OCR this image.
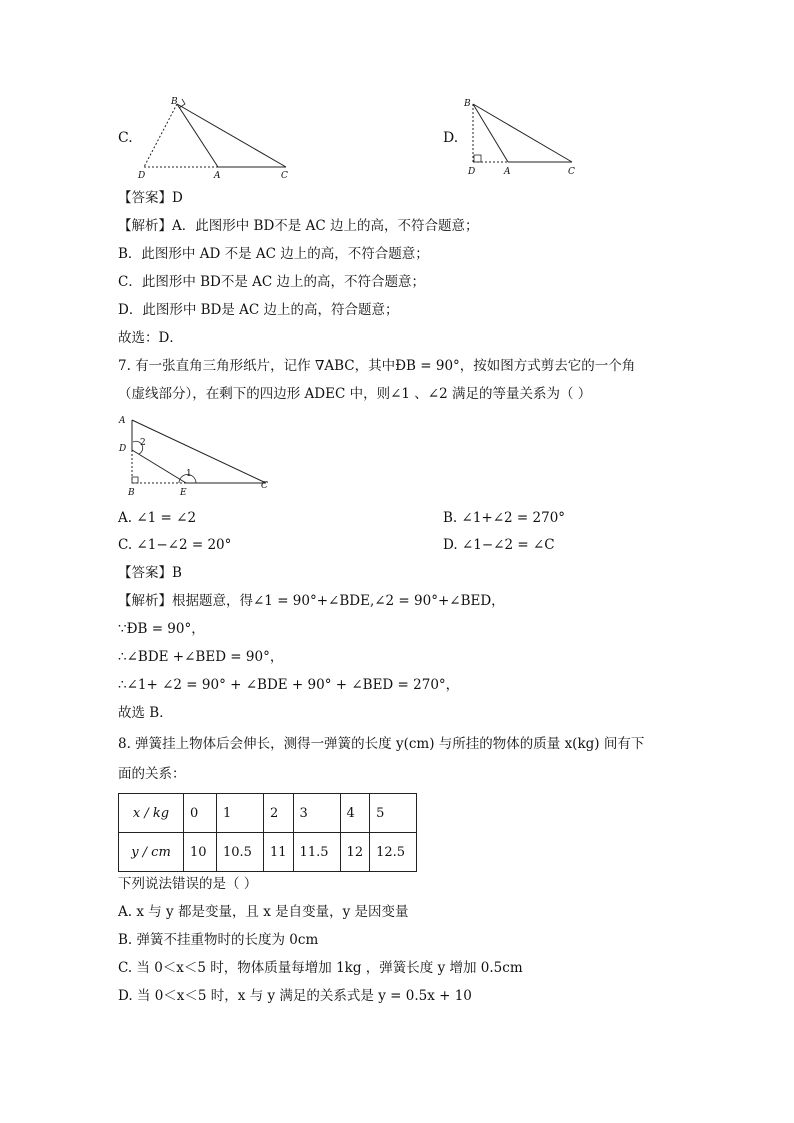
C.
B
D	A	C
D.
B
D	A	C
【答案】D
【解析】A．此图形中 BD不是 AC 边上的高，不符合题意；
B．此图形中 AD 不是 AC 边上的高，不符合题意；
C．此图形中 BD不是 AC 边上的高，不符合题意；
D．此图形中 BD是 AC 边上的高，符合题意；
故选：D．
7. 有一张直角三角形纸片，记作 ∇ABC，其中ÐB = 90°，按如图方式剪去它的一个角
（虚线部分），在剩下的四边形 ADEC 中，则∠1 、∠2 满足的等量关系为（ ）
A
D
B	E
C
1
2
A. ∠1 = ∠2	B. ∠1+∠2 = 270°
C. ∠1−∠2 = 20°	D. ∠1−∠2 = ∠C
【答案】B
【解析】根据题意，得∠1 = 90°+∠BDE,∠2 = 90°+∠BED，
∵ÐB = 90°，
∴∠BDE +∠BED = 90°，
∴∠1+ ∠2 = 90° + ∠BDE + 90° + ∠BED = 270°，
故选 B．
8. 弹簧挂上物体后会伸长，测得一弹簧的长度 y(cm) 与所挂的物体的质量 x(kg) 间有下
面的关系：
x / kg	0	1	2	3	4	5
y / cm	10	10.5	11	11.5	12	12.5
下列说法错误的是（ ）
A. x 与 y 都是变量，且 x 是自变量，y 是因变量
B. 弹簧不挂重物时的长度为 0cm
C. 当 0＜x＜5 时，物体质量每增加 1kg ，弹簧长度 y 增加 0.5cm
D. 当 0＜x＜5 时，x 与 y 满足的关系式是 y = 0.5x + 10
